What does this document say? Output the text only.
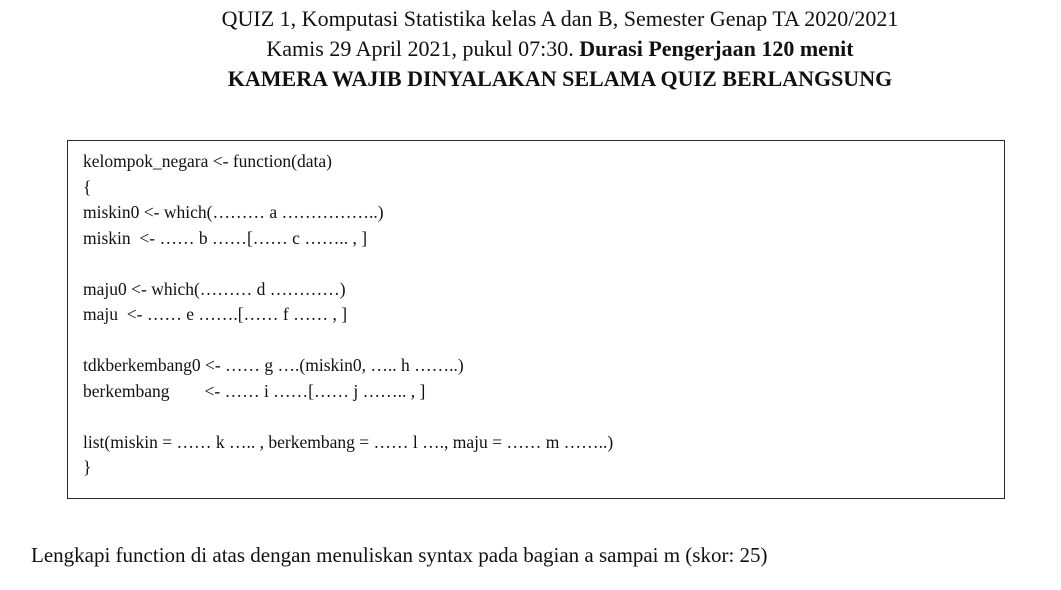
QUIZ 1, Komputasi Statistika kelas A dan B, Semester Genap TA 2020/2021
Kamis 29 April 2021, pukul 07:30. Durasi Pengerjaan 120 menit
KAMERA WAJIB DINYALAKAN SELAMA QUIZ BERLANGSUNG
kelompok_negara <- function(data)
{
miskin0 <- which(……… a ……………..)
miskin  <- …… b ……[…… c …….. , ]
maju0 <- which(……… d …………)
maju  <- …… e …….[…… f …… , ]
tdkberkembang0 <- …… g ….(miskin0, ….. h ……..)
berkembang        <- …… i ……[…… j …….. , ]
list(miskin = …… k ….. , berkembang = …… l …., maju = …… m ……..)
}
Lengkapi function di atas dengan menuliskan syntax pada bagian a sampai m (skor: 25)
